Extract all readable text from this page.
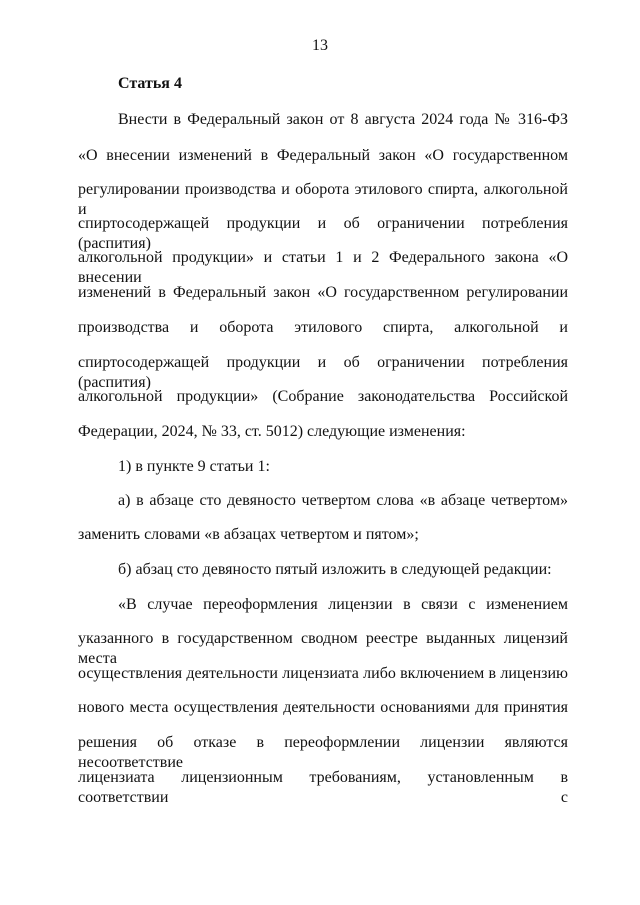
13
Статья 4
Внести в Федеральный закон от 8 августа 2024 года № 316-ФЗ
«О внесении изменений в Федеральный закон «О государственном
регулировании производства и оборота этилового спирта, алкогольной и
спиртосодержащей продукции и об ограничении потребления (распития)
алкогольной продукции» и статьи 1 и 2 Федерального закона «О внесении
изменений в Федеральный закон «О государственном регулировании
производства и оборота этилового спирта, алкогольной и
спиртосодержащей продукции и об ограничении потребления (распития)
алкогольной продукции» (Собрание законодательства Российской
Федерации, 2024, № 33, ст. 5012) следующие изменения:
1) в пункте 9 статьи 1:
а) в абзаце сто девяносто четвертом слова «в абзаце четвертом»
заменить словами «в абзацах четвертом и пятом»;
б) абзац сто девяносто пятый изложить в следующей редакции:
«В случае переоформления лицензии в связи с изменением
указанного в государственном сводном реестре выданных лицензий места
осуществления деятельности лицензиата либо включением в лицензию
нового места осуществления деятельности основаниями для принятия
решения об отказе в переоформлении лицензии являются несоответствие
лицензиата лицензионным требованиям, установленным в соответствии с
